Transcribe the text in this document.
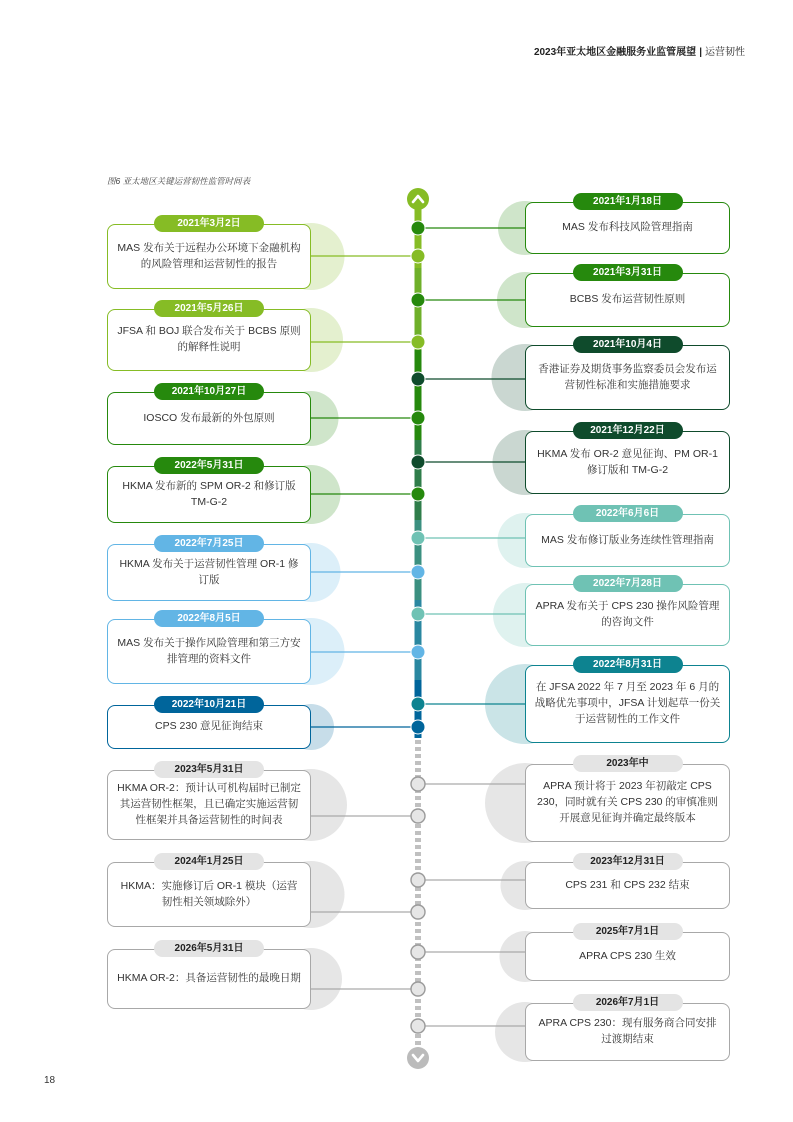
2023年亚太地区金融服务业监管展望 | 运营韧性
图6 亚太地区关键运营韧性监管时间表
MAS 发布关于远程办公环境下金融机构的风险管理和运营韧性的报告
2021年3月2日
JFSA 和 BOJ 联合发布关于 BCBS 原则的解释性说明
2021年5月26日
IOSCO 发布最新的外包原则
2021年10月27日
HKMA 发布新的 SPM OR-2 和修订版 TM-G-2
2022年5月31日
HKMA 发布关于运营韧性管理 OR-1 修订版
2022年7月25日
MAS 发布关于操作风险管理和第三方安排管理的资料文件
2022年8月5日
CPS 230 意见征询结束
2022年10月21日
HKMA OR-2：预计认可机构届时已制定其运营韧性框架，且已确定实施运营韧性框架并具备运营韧性的时间表
2023年5月31日
HKMA：实施修订后 OR-1 模块（运营韧性相关领域除外）
2024年1月25日
HKMA OR-2：具备运营韧性的最晚日期
2026年5月31日
MAS 发布科技风险管理指南
2021年1月18日
BCBS 发布运营韧性原则
2021年3月31日
香港证券及期货事务监察委员会发布运营韧性标准和实施措施要求
2021年10月4日
HKMA 发布 OR-2 意见征询、PM OR-1 修订版和 TM-G-2
2021年12月22日
MAS 发布修订版业务连续性管理指南
2022年6月6日
APRA 发布关于 CPS 230 操作风险管理的咨询文件
2022年7月28日
在 JFSA 2022 年 7 月至 2023 年 6 月的战略优先事项中，JFSA 计划起草一份关于运营韧性的工作文件
2022年8月31日
APRA 预计将于 2023 年初敲定 CPS 230，同时就有关 CPS 230 的审慎准则开展意见征询并确定最终版本
2023年中
CPS 231 和 CPS 232 结束
2023年12月31日
APRA CPS 230 生效
2025年7月1日
APRA CPS 230：现有服务商合同安排过渡期结束
2026年7月1日
18
